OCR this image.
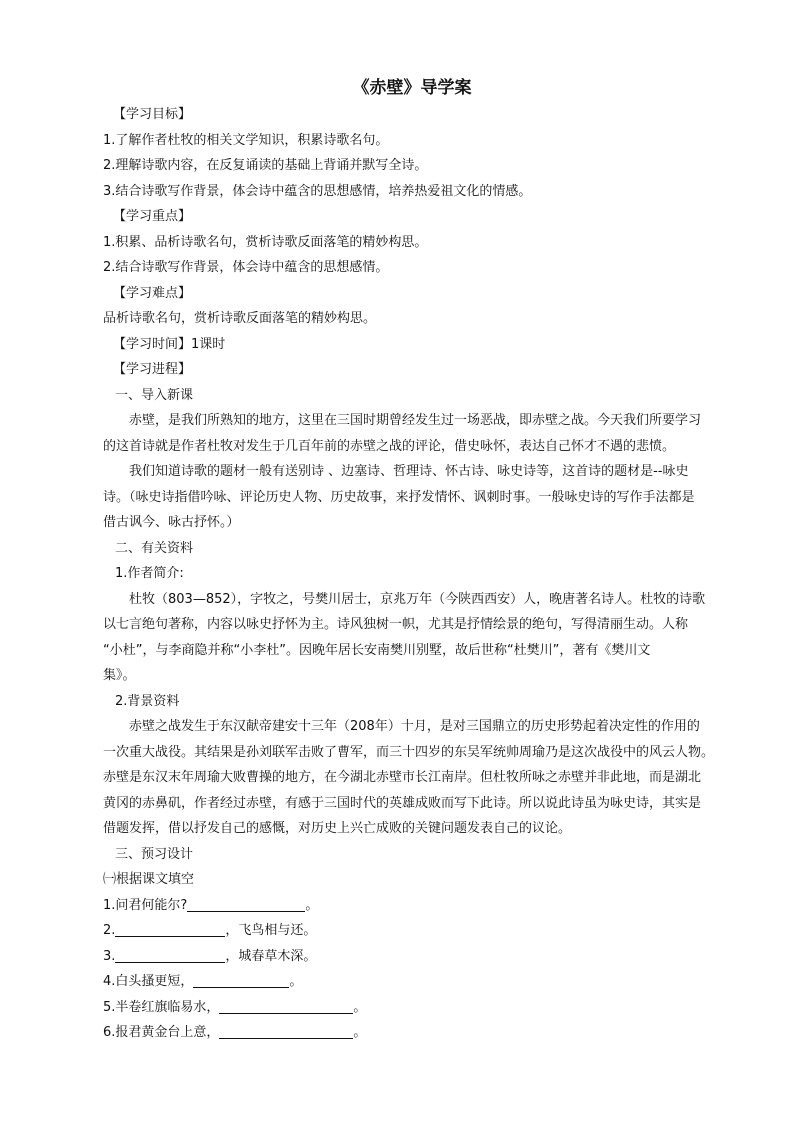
《赤壁》导学案

【学习目标】

1.了解作者杜牧的相关文学知识，积累诗歌名句。

2.理解诗歌内容，在反复诵读的基础上背诵并默写全诗。

3.结合诗歌写作背景，体会诗中蕴含的思想感情，培养热爱祖文化的情感。

【学习重点】

1.积累、品析诗歌名句，赏析诗歌反面落笔的精妙构思。

2.结合诗歌写作背景，体会诗中蕴含的思想感情。

【学习难点】

品析诗歌名句，赏析诗歌反面落笔的精妙构思。

【学习时间】1课时

【学习进程】

一、导入新课

赤壁，是我们所熟知的地方，这里在三国时期曾经发生过一场恶战，即赤壁之战。今天我们所要学习

的这首诗就是作者杜牧对发生于几百年前的赤壁之战的评论，借史咏怀，表达自己怀才不遇的悲愤。

我们知道诗歌的题材一般有送别诗 、边塞诗、哲理诗、怀古诗、咏史诗等，这首诗的题材是--咏史

诗。（咏史诗指借吟咏、评论历史人物、历史故事，来抒发情怀、讽刺时事。一般咏史诗的写作手法都是

借古讽今、咏古抒怀。）

二、有关资料

1.作者简介:

杜牧（803—852），字牧之，号樊川居士，京兆万年（今陕西西安）人，晚唐著名诗人。杜牧的诗歌

以七言绝句著称，内容以咏史抒怀为主。诗风独树一帜，尤其是抒情绘景的绝句，写得清丽生动。人称

“小杜”，与李商隐并称“小李杜”。因晚年居长安南樊川别墅，故后世称“杜樊川”，著有《樊川文

集》。

2.背景资料

赤壁之战发生于东汉献帝建安十三年（208年）十月，是对三国鼎立的历史形势起着决定性的作用的

一次重大战役。其结果是孙刘联军击败了曹军，而三十四岁的东吴军统帅周瑜乃是这次战役中的风云人物。

赤壁是东汉末年周瑜大败曹操的地方，在今湖北赤壁市长江南岸。但杜牧所咏之赤壁并非此地，而是湖北

黄冈的赤鼻矶，作者经过赤壁，有感于三国时代的英雄成败而写下此诗。所以说此诗虽为咏史诗，其实是

借题发挥，借以抒发自己的感慨，对历史上兴亡成败的关键问题发表自己的议论。

三、预习设计

㈠根据课文填空

1.问君何能尔?	。

2.	，飞鸟相与还。

3.	，城春草木深。

4.白头搔更短，	。

5.半卷红旗临易水，	。

6.报君黄金台上意，	。
